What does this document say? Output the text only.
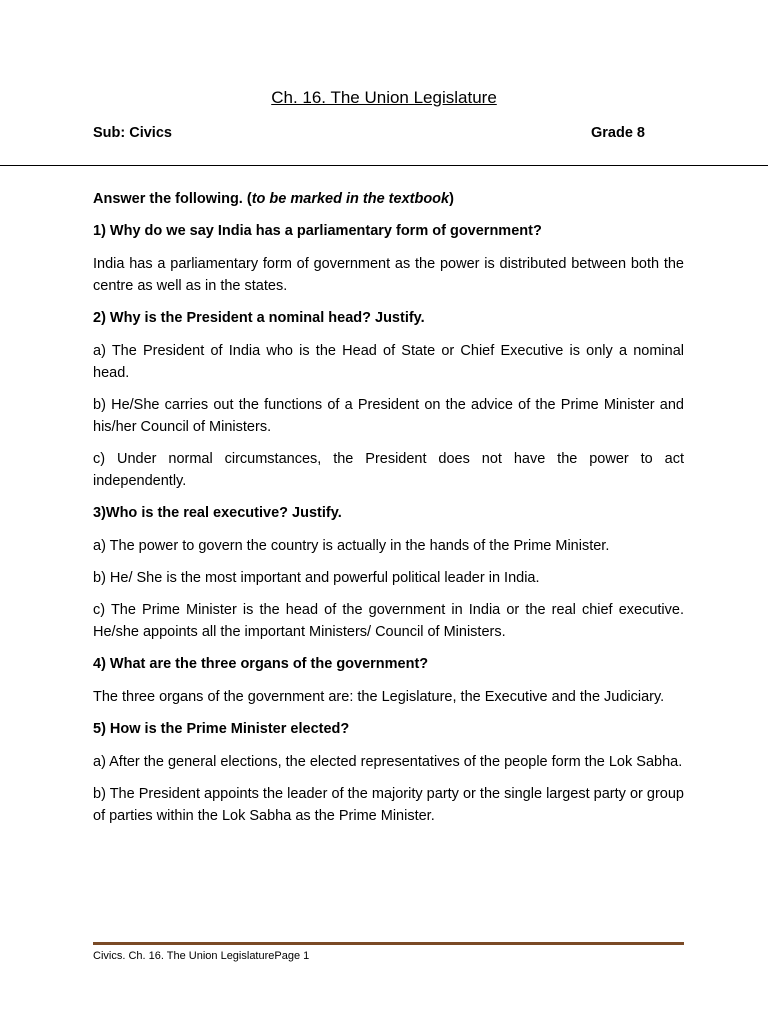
Ch. 16. The Union Legislature
Sub: Civics	Grade 8

Answer the following. (to be marked in the textbook)

1) Why do we say India has a parliamentary form of government?

India has a parliamentary form of government as the power is distributed between both the centre as well as in the states.

2) Why is the President a nominal head? Justify.

a) The President of India who is the Head of State or Chief Executive is only a nominal head.

b) He/She carries out the functions of a President on the advice of the Prime Minister and his/her Council of Ministers.

c) Under normal circumstances, the President does not have the power to act independently.

3)Who is the real executive? Justify.

a) The power to govern the country is actually in the hands of the Prime Minister.

b) He/ She is the most important and powerful political leader in India.

c) The Prime Minister is the head of the government in India or the real chief executive. He/she appoints all the important Ministers/ Council of Ministers.

4) What are the three organs of the government?

The three organs of the government are: the Legislature, the Executive and the Judiciary.

5) How is the Prime Minister elected?

a) After the general elections, the elected representatives of the people form the Lok Sabha.

b) The President appoints the leader of the majority party or the single largest party or group of parties within the Lok Sabha as the Prime Minister.

Civics. Ch. 16. The Union LegislaturePage 1
